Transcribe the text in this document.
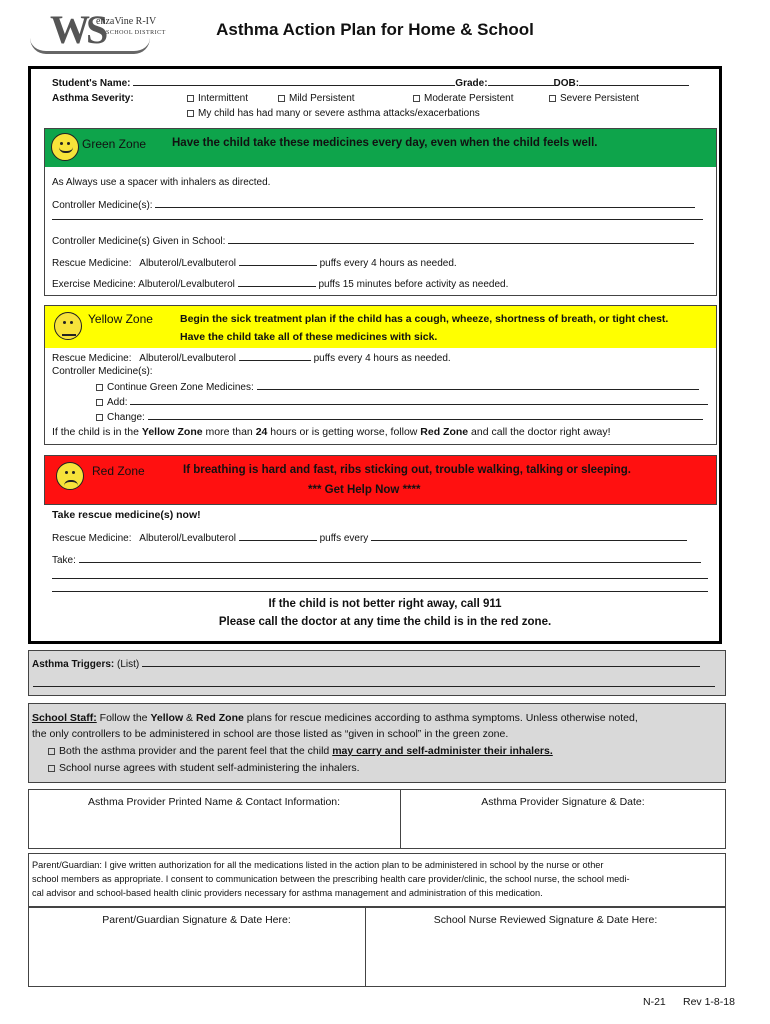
WS
enzaVine R-IV
SCHOOL DISTRICT	Asthma Action Plan for Home & School
Student's Name:	Grade:	DOB:
Asthma Severity:	Intermittent	Mild Persistent	Moderate Persistent	Severe Persistent
My child has had many or severe asthma attacks/exacerbations
Green Zone Have the child take these medicines every day, even when the child feels well.
As Always use a spacer with inhalers as directed.
Controller Medicine(s):
Controller Medicine(s) Given in School:
Rescue Medicine: Albuterol/Levalbuterol	puffs every 4 hours as needed.
Exercise Medicine: Albuterol/Levalbuterol	puffs 15 minutes before activity as needed.
Yellow Zone	Begin the sick treatment plan if the child has a cough, wheeze, shortness of breath, or tight chest.
Have the child take all of these medicines with sick.
Rescue Medicine: Albuterol/Levalbuterol	puffs every 4 hours as needed.
Controller Medicine(s):
Continue Green Zone Medicines:
Add:
Change:
If the child is in the Yellow Zone more than 24 hours or is getting worse, follow Red Zone and call the doctor right away!
Red Zone	If breathing is hard and fast, ribs sticking out, trouble walking, talking or sleeping.
*** Get Help Now ****
Take rescue medicine(s) now!
Rescue Medicine: Albuterol/Levalbuterol	puffs every
Take:
If the child is not better right away, call 911
Please call the doctor at any time the child is in the red zone.
Asthma Triggers: (List)
School Staff: Follow the Yellow & Red Zone plans for rescue medicines according to asthma symptoms. Unless otherwise noted,
the only controllers to be administered in school are those listed as “given in school” in the green zone.
Both the asthma provider and the parent feel that the child may carry and self-administer their inhalers.
School nurse agrees with student self-administering the inhalers.
Asthma Provider Printed Name & Contact Information:	Asthma Provider Signature & Date:
Parent/Guardian: I give written authorization for all the medications listed in the action plan to be administered in school by the nurse or other
school members as appropriate. I consent to communication between the prescribing health care provider/clinic, the school nurse, the school medi-
cal advisor and school-based health clinic providers necessary for asthma management and administration of this medication.
Parent/Guardian Signature & Date Here:	School Nurse Reviewed Signature & Date Here:
N-21 Rev 1-8-18
